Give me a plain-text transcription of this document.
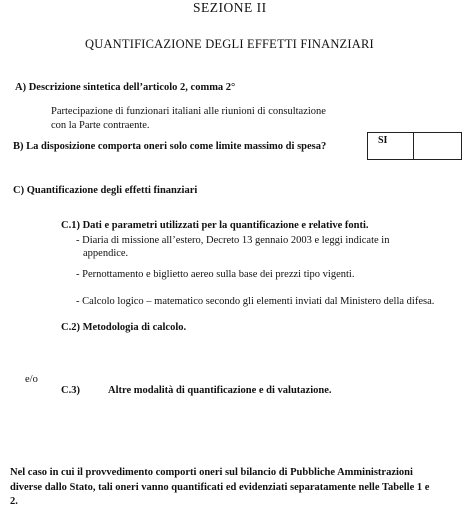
SEZIONE II
QUANTIFICAZIONE DEGLI EFFETTI FINANZIARI
A) Descrizione sintetica dell’articolo 2, comma 2°
Partecipazione di funzionari italiani alle riunioni di consultazione
con la Parte contraente.
B) La disposizione comporta oneri solo come limite massimo di spesa?
SI
C) Quantificazione degli effetti finanziari
C.1) Dati e parametri utilizzati per la quantificazione e relative fonti.
- Diaria di missione all’estero, Decreto 13 gennaio 2003 e leggi indicate in
appendice.
- Pernottamento e biglietto aereo sulla base dei prezzi tipo vigenti.
- Calcolo logico – matematico secondo gli elementi inviati dal Ministero della difesa.
C.2) Metodologia di calcolo.
e/o
C.3)	Altre modalità di quantificazione e di valutazione.
Nel caso in cui il provvedimento comporti oneri sul bilancio di Pubbliche Amministrazioni
diverse dallo Stato, tali oneri vanno quantificati ed evidenziati separatamente nelle Tabelle 1 e
2.
